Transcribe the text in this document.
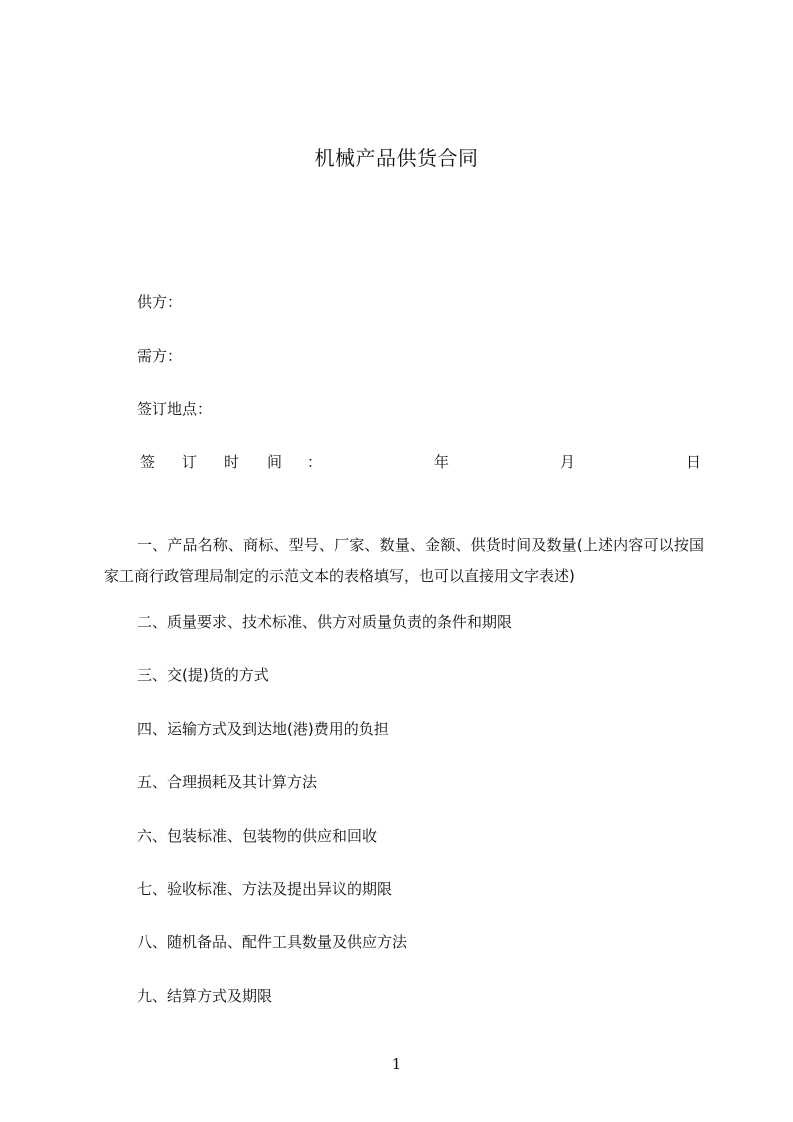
机械产品供货合同
供方：
需方：
签订地点：
签 订 时 间 ：	年	月	日
一、产品名称、商标、型号、厂家、数量、金额、供货时间及数量(上述内容可以按国家工商行政管理局制定的示范文本的表格填写，也可以直接用文字表述)
二、质量要求、技术标准、供方对质量负责的条件和期限
三、交(提)货的方式
四、运输方式及到达地(港)费用的负担
五、合理损耗及其计算方法
六、包装标准、包装物的供应和回收
七、验收标准、方法及提出异议的期限
八、随机备品、配件工具数量及供应方法
九、结算方式及期限
1
